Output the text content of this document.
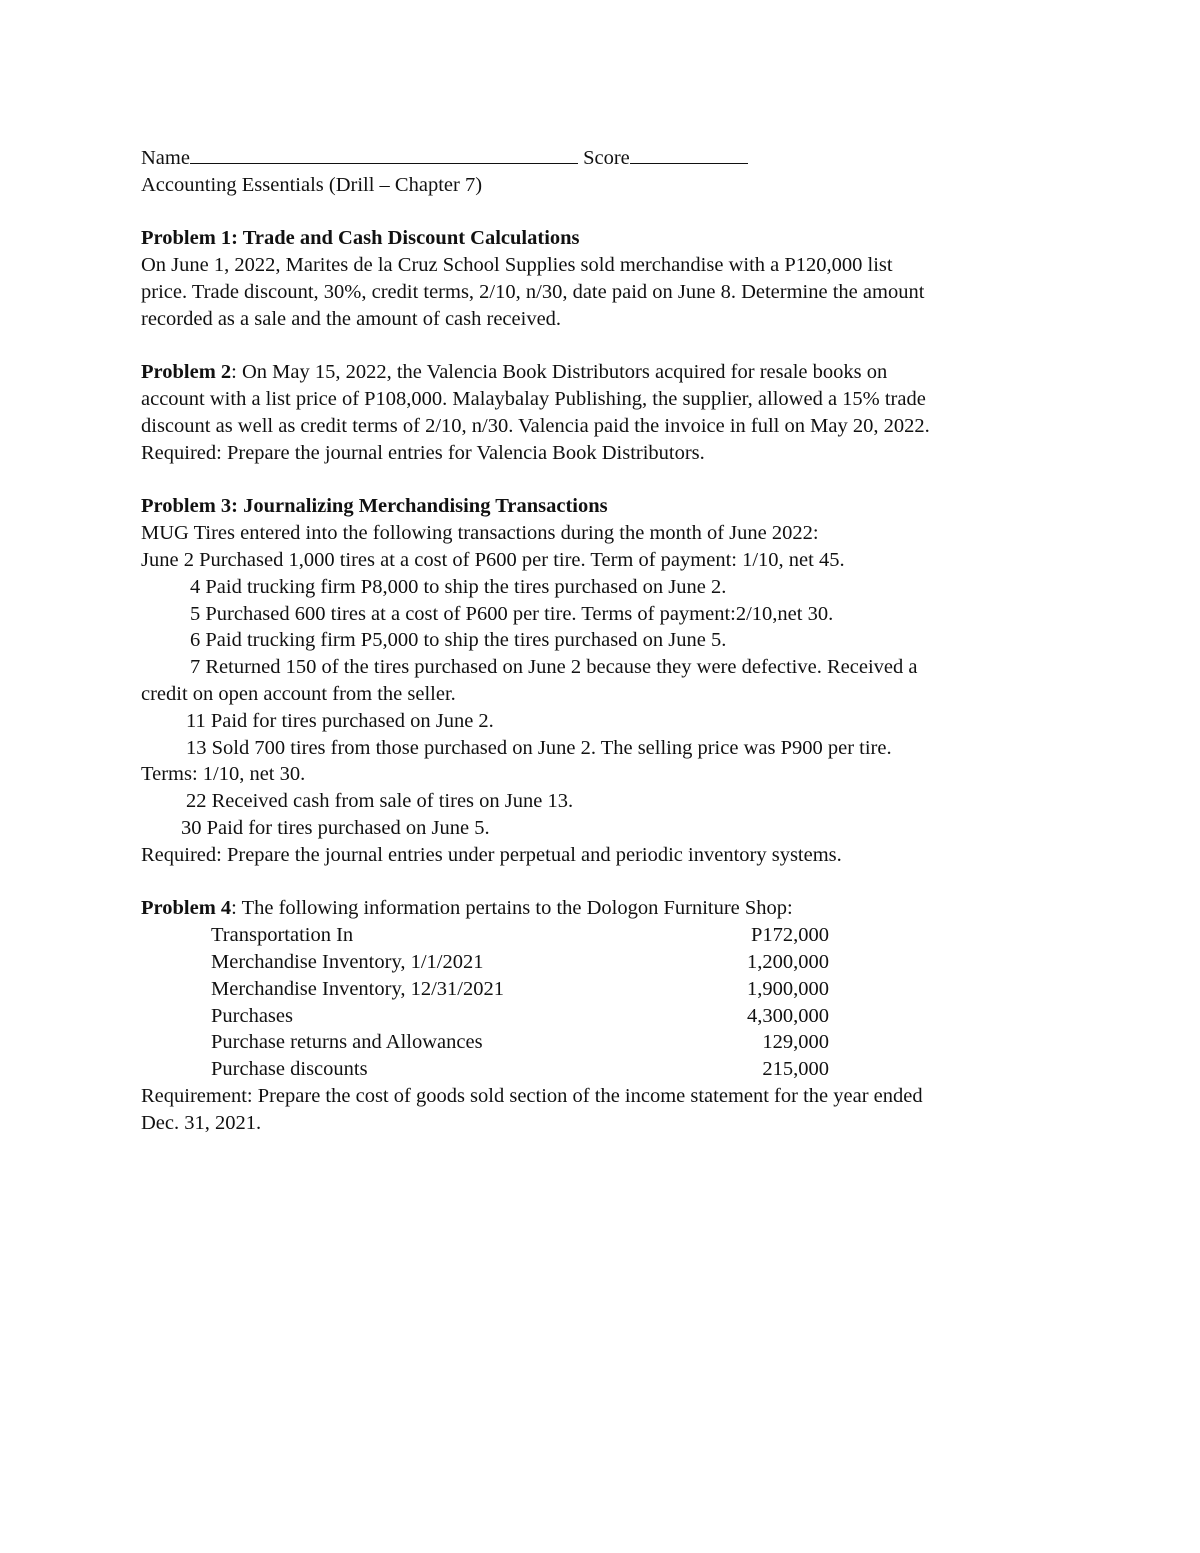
Name	Score
Accounting Essentials (Drill – Chapter 7)
Problem 1: Trade and Cash Discount Calculations
On June 1, 2022, Marites de la Cruz School Supplies sold merchandise with a P120,000 list
price. Trade discount, 30%, credit terms, 2/10, n/30, date paid on June 8. Determine the amount
recorded as a sale and the amount of cash received.
Problem 2: On May 15, 2022, the Valencia Book Distributors acquired for resale books on
account with a list price of P108,000. Malaybalay Publishing, the supplier, allowed a 15% trade
discount as well as credit terms of 2/10, n/30. Valencia paid the invoice in full on May 20, 2022.
Required: Prepare the journal entries for Valencia Book Distributors.
Problem 3: Journalizing Merchandising Transactions
MUG Tires entered into the following transactions during the month of June 2022:
June 2 Purchased 1,000 tires at a cost of P600 per tire. Term of payment: 1/10, net 45.
4 Paid trucking firm P8,000 to ship the tires purchased on June 2.
5 Purchased 600 tires at a cost of P600 per tire. Terms of payment:2/10,net 30.
6 Paid trucking firm P5,000 to ship the tires purchased on June 5.
7 Returned 150 of the tires purchased on June 2 because they were defective. Received a
credit on open account from the seller.
11 Paid for tires purchased on June 2.
13 Sold 700 tires from those purchased on June 2. The selling price was P900 per tire.
Terms: 1/10, net 30.
22 Received cash from sale of tires on June 13.
30 Paid for tires purchased on June 5.
Required: Prepare the journal entries under perpetual and periodic inventory systems.
Problem 4: The following information pertains to the Dologon Furniture Shop:
Transportation In	P172,000
Merchandise Inventory, 1/1/2021	1,200,000
Merchandise Inventory, 12/31/2021	1,900,000
Purchases	4,300,000
Purchase returns and Allowances	129,000
Purchase discounts	215,000
Requirement: Prepare the cost of goods sold section of the income statement for the year ended
Dec. 31, 2021.
